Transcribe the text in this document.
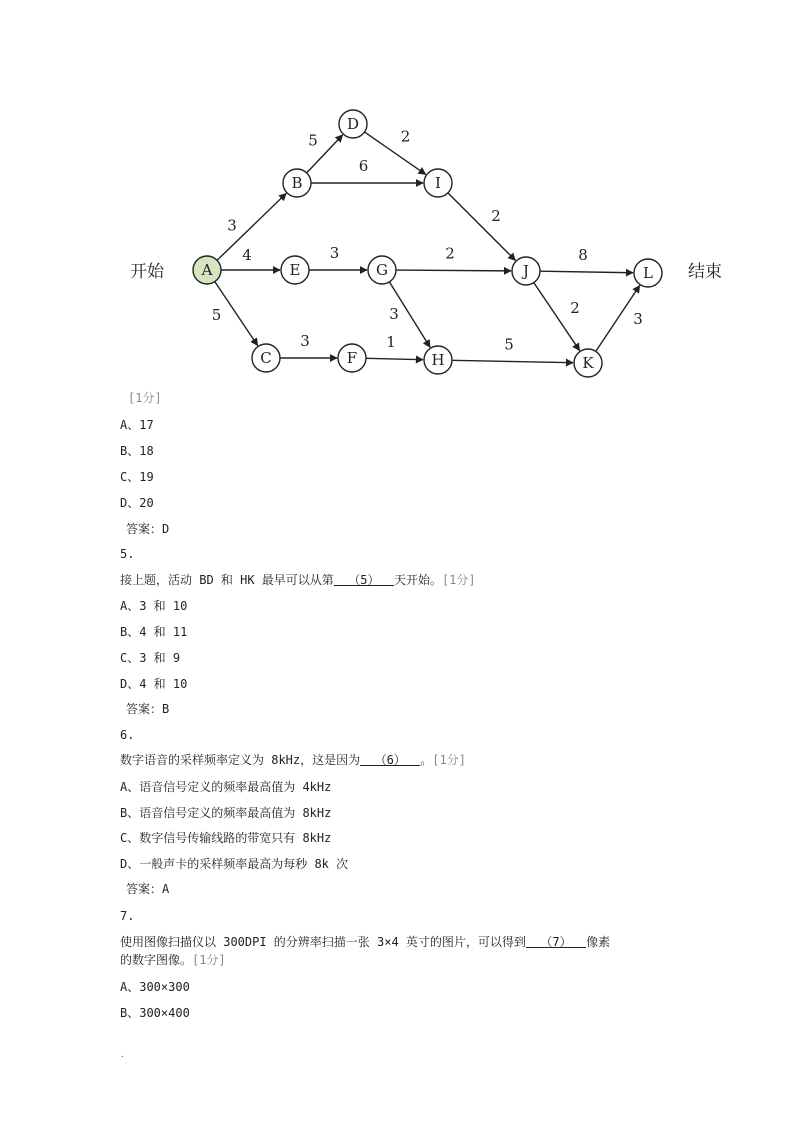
3
4
5
5
6
2
2
3	2
3
3	1	5
8
2
3
A
B
C
D
E
F
G
H
I
J
K
L
开始	结束
[1分]
A、17
B、18
C、19
D、20
答案：D
5.
接上题，活动 BD 和 HK 最早可以从第  （5）  天开始。[1分]
A、3 和 10
B、4 和 11
C、3 和 9
D、4 和 10
答案：B
6.
数字语音的采样频率定义为 8kHz，这是因为  （6）  。[1分]
A、语音信号定义的频率最高值为 4kHz
B、语音信号定义的频率最高值为 8kHz
C、数字信号传输线路的带宽只有 8kHz
D、一般声卡的采样频率最高为每秒 8k 次
答案：A
7.
使用图像扫描仪以 300DPI 的分辨率扫描一张 3×4 英寸的图片，可以得到  （7）  像素
的数字图像。[1分]
A、300×300
B、300×400
.
